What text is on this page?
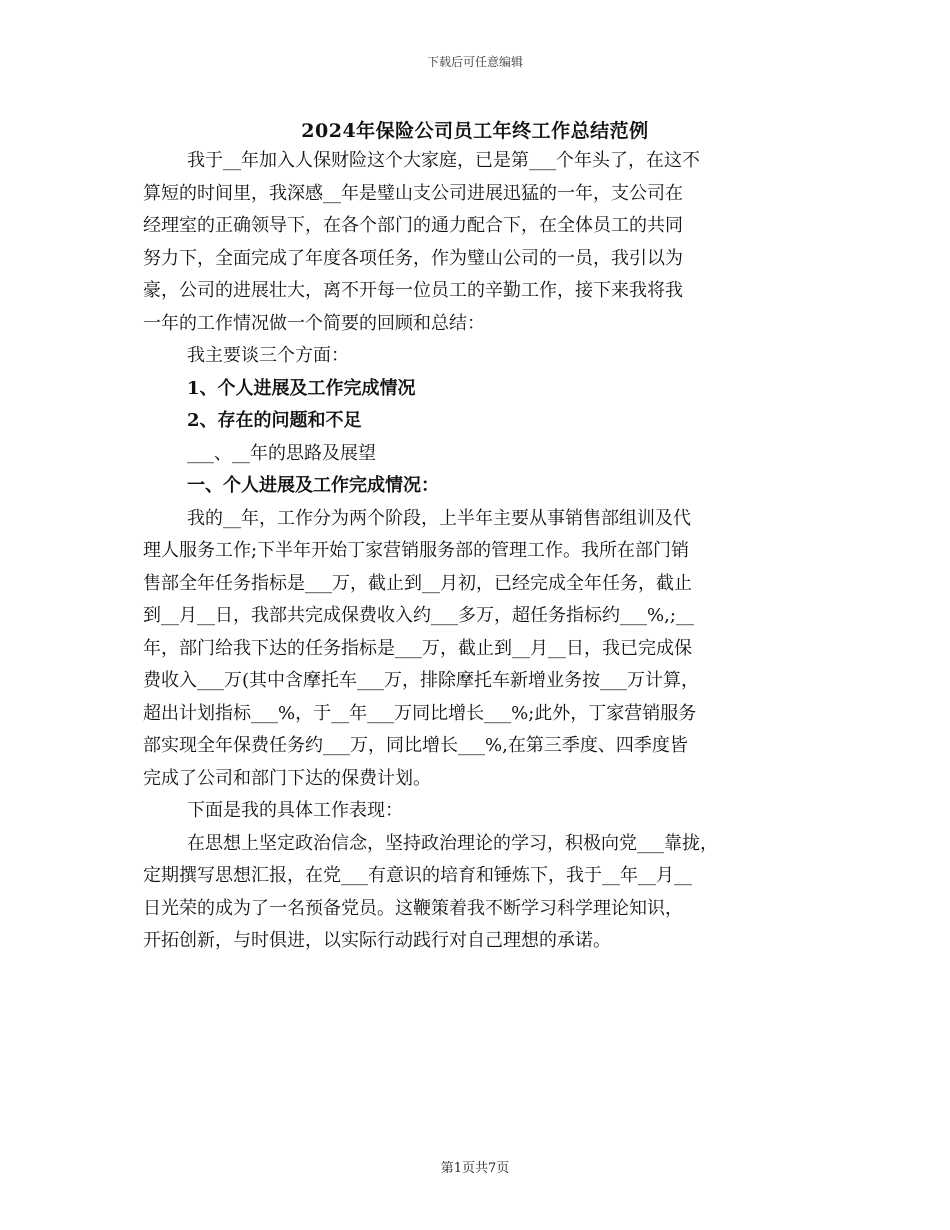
下载后可任意编辑
2024年保险公司员工年终工作总结范例

我于__年加入人保财险这个大家庭，已是第___个年头了，在这不

算短的时间里，我深感__年是璧山支公司进展迅猛的一年，支公司在

经理室的正确领导下，在各个部门的通力配合下，在全体员工的共同

努力下，全面完成了年度各项任务，作为璧山公司的一员，我引以为

豪，公司的进展壮大，离不开每一位员工的辛勤工作，接下来我将我

一年的工作情况做一个简要的回顾和总结：

我主要谈三个方面：

1、个人进展及工作完成情况

2、存在的问题和不足

___、__年的思路及展望

一、个人进展及工作完成情况：

我的__年，工作分为两个阶段，上半年主要从事销售部组训及代

理人服务工作;下半年开始丁家营销服务部的管理工作。我所在部门销

售部全年任务指标是___万，截止到__月初，已经完成全年任务，截止

到__月__日，我部共完成保费收入约___多万，超任务指标约___%,;__

年，部门给我下达的任务指标是___万，截止到__月__日，我已完成保

费收入___万(其中含摩托车___万，排除摩托车新增业务按___万计算，

超出计划指标___%，于__年___万同比增长___%;此外，丁家营销服务

部实现全年保费任务约___万，同比增长___%,在第三季度、四季度皆

完成了公司和部门下达的保费计划。

下面是我的具体工作表现：

在思想上坚定政治信念，坚持政治理论的学习，积极向党___靠拢，

定期撰写思想汇报，在党___有意识的培育和锤炼下，我于__年__月__

日光荣的成为了一名预备党员。这鞭策着我不断学习科学理论知识，

开拓创新，与时俱进，以实际行动践行对自己理想的承诺。

第1页共7页
